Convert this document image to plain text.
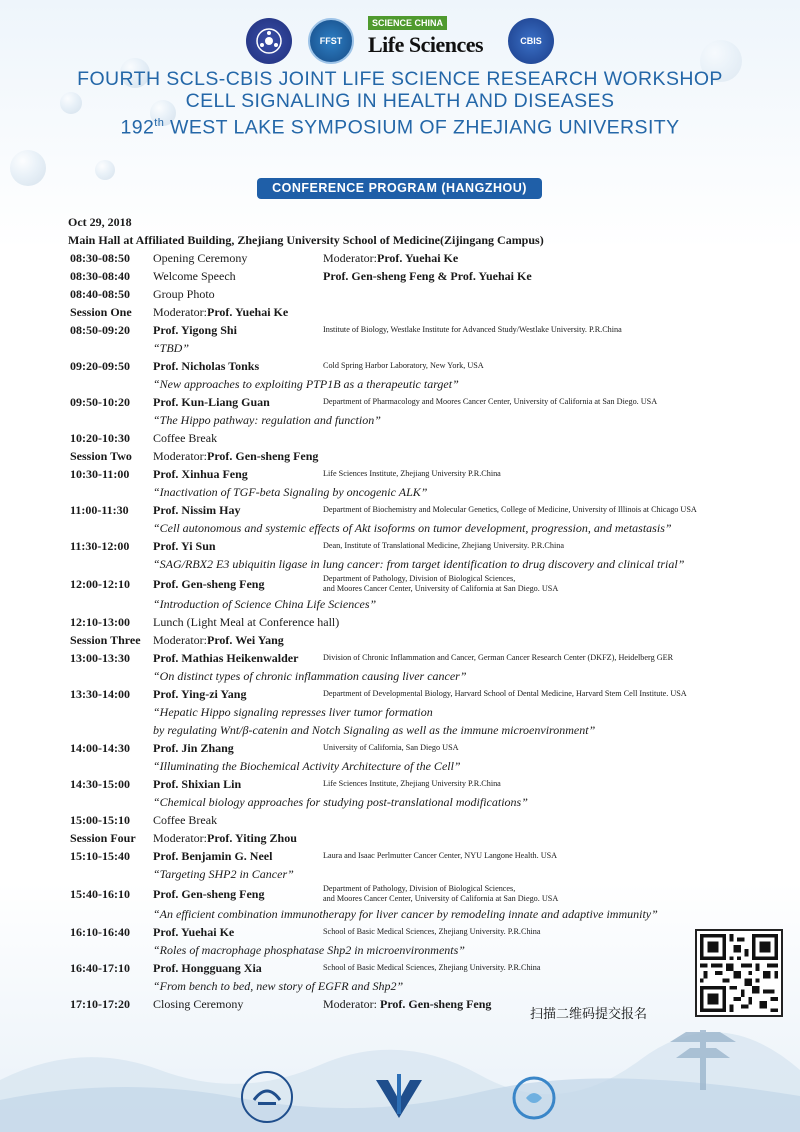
FFST
SCIENCE CHINA
Life Sciences	CBIS
FOURTH SCLS-CBIS JOINT LIFE SCIENCE RESEARCH WORKSHOP
CELL SIGNALING IN HEALTH AND DISEASES
192th WEST LAKE SYMPOSIUM OF ZHEJIANG UNIVERSITY
CONFERENCE PROGRAM (HANGZHOU)
Oct 29, 2018
Main Hall at Affiliated Building, Zhejiang University School of Medicine(Zijingang Campus)
08:30-08:50 Opening Ceremony	Moderator:Prof. Yuehai Ke
08:30-08:40 Welcome Speech	Prof. Gen-sheng Feng & Prof. Yuehai Ke
08:40-08:50 Group Photo
Session One Moderator:Prof. Yuehai Ke
08:50-09:20 Prof. Yigong Shi	Institute of Biology, Westlake Institute for Advanced Study/Westlake University. P.R.China
“TBD”
09:20-09:50 Prof. Nicholas Tonks	Cold Spring Harbor Laboratory, New York, USA
“New approaches to exploiting PTP1B as a therapeutic target”
09:50-10:20 Prof. Kun-Liang Guan	Department of Pharmacology and Moores Cancer Center, University of California at San Diego. USA
“The Hippo pathway: regulation and function”
10:20-10:30 Coffee Break
Session Two Moderator:Prof. Gen-sheng Feng
10:30-11:00 Prof. Xinhua Feng	Life Sciences Institute, Zhejiang University P.R.China
“Inactivation of TGF-beta Signaling by oncogenic ALK”
11:00-11:30 Prof. Nissim Hay	Department of Biochemistry and Molecular Genetics, College of Medicine, University of Illinois at Chicago USA
“Cell autonomous and systemic effects of Akt isoforms on tumor development, progression, and metastasis”
11:30-12:00 Prof. Yi Sun	Dean, Institute of Translational Medicine, Zhejiang University. P.R.China
“SAG/RBX2 E3 ubiquitin ligase in lung cancer: from target identification to drug discovery and clinical trial”
12:00-12:10 Prof. Gen-sheng Feng	Department of Pathology, Division of Biological Sciences,
and Moores Cancer Center, University of California at San Diego. USA
“Introduction of Science China Life Sciences”
12:10-13:00 Lunch (Light Meal at Conference hall)
Session Three Moderator:Prof. Wei Yang
13:00-13:30 Prof. Mathias Heikenwalder	Division of Chronic Inflammation and Cancer, German Cancer Research Center (DKFZ), Heidelberg GER
“On distinct types of chronic inflammation causing liver cancer”
13:30-14:00 Prof. Ying-zi Yang	Department of Developmental Biology, Harvard School of Dental Medicine, Harvard Stem Cell Institute. USA
“Hepatic Hippo signaling represses liver tumor formation
by regulating Wnt/β-catenin and Notch Signaling as well as the immune microenvironment”
14:00-14:30 Prof. Jin Zhang	University of California, San Diego USA
“Illuminating the Biochemical Activity Architecture of the Cell”
14:30-15:00 Prof. Shixian Lin	Life Sciences Institute, Zhejiang University P.R.China
“Chemical biology approaches for studying post-translational modifications”
15:00-15:10 Coffee Break
Session Four Moderator:Prof. Yiting Zhou
15:10-15:40 Prof. Benjamin G. Neel	Laura and Isaac Perlmutter Cancer Center, NYU Langone Health. USA
“Targeting SHP2 in Cancer”
15:40-16:10 Prof. Gen-sheng Feng	Department of Pathology, Division of Biological Sciences,
and Moores Cancer Center, University of California at San Diego. USA
“An efficient combination immunotherapy for liver cancer by remodeling innate and adaptive immunity”
16:10-16:40 Prof. Yuehai Ke	School of Basic Medical Sciences, Zhejiang University. P.R.China
“Roles of macrophage phosphatase Shp2 in microenvironments”
16:40-17:10 Prof. Hongguang Xia	School of Basic Medical Sciences, Zhejiang University. P.R.China
“From bench to bed, new story of EGFR and Shp2”
17:10-17:20 Closing Ceremony	Moderator: Prof. Gen-sheng Feng
扫描二维码提交报名
